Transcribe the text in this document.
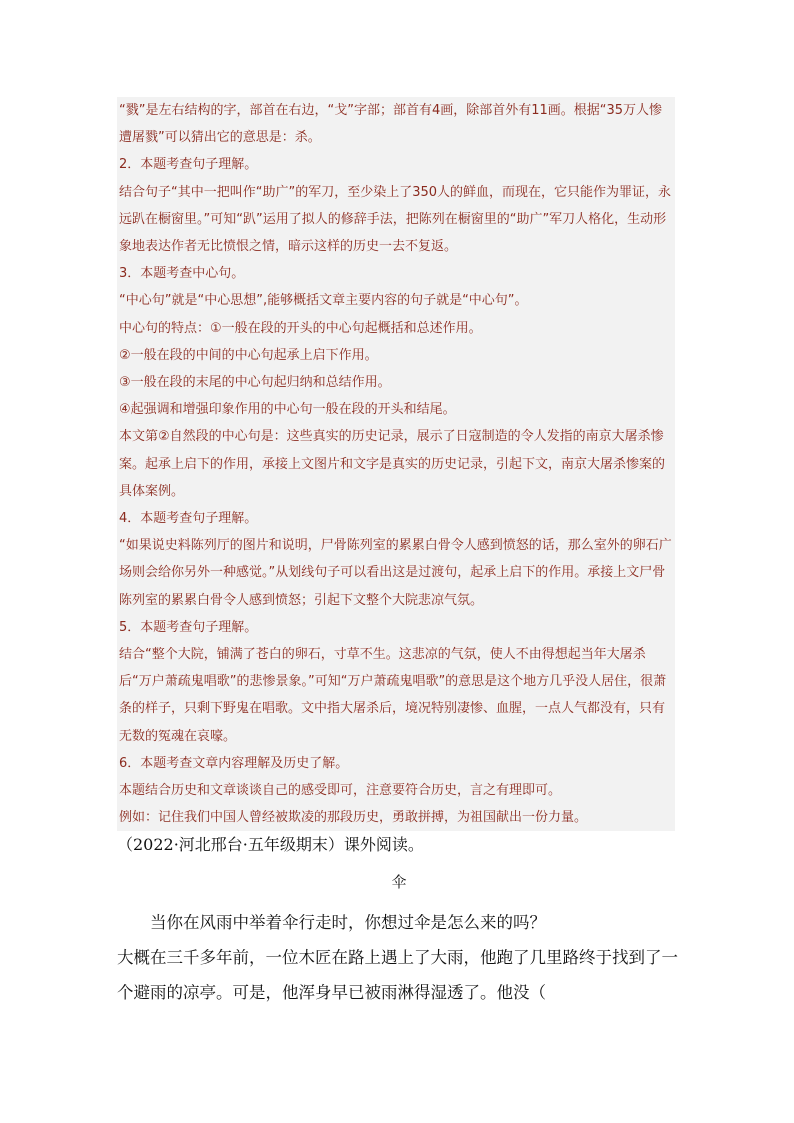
“戮”是左右结构的字，部首在右边，“戈”字部；部首有4画，除部首外有11画。根据“35万人惨遭屠戮”可以猜出它的意思是：杀。

2．本题考查句子理解。

结合句子“其中一把叫作“助广”的军刀，至少染上了350人的鲜血，而现在，它只能作为罪证，永远趴在橱窗里。”可知“趴”运用了拟人的修辞手法，把陈列在橱窗里的“助广”军刀人格化，生动形象地表达作者无比愤恨之情，暗示这样的历史一去不复返。

3．本题考查中心句。

“中心句”就是“中心思想”,能够概括文章主要内容的句子就是“中心句”。

中心句的特点：①一般在段的开头的中心句起概括和总述作用。

②一般在段的中间的中心句起承上启下作用。

③一般在段的末尾的中心句起归纳和总结作用。

④起强调和增强印象作用的中心句一般在段的开头和结尾。

本文第②自然段的中心句是：这些真实的历史记录，展示了日寇制造的令人发指的南京大屠杀惨案。起承上启下的作用，承接上文图片和文字是真实的历史记录，引起下文，南京大屠杀惨案的具体案例。

4．本题考查句子理解。

“如果说史料陈列厅的图片和说明，尸骨陈列室的累累白骨令人感到愤怒的话，那么室外的卵石广场则会给你另外一种感觉。”从划线句子可以看出这是过渡句，起承上启下的作用。承接上文尸骨陈列室的累累白骨令人感到愤怒；引起下文整个大院悲凉气氛。

5．本题考查句子理解。

结合“整个大院，铺满了苍白的卵石，寸草不生。这悲凉的气氛，使人不由得想起当年大屠杀后“万户萧疏鬼唱歌”的悲惨景象。”可知“万户萧疏鬼唱歌”的意思是这个地方几乎没人居住，很萧条的样子，只剩下野鬼在唱歌。文中指大屠杀后，境况特别凄惨、血腥，一点人气都没有，只有无数的冤魂在哀嚎。

6．本题考查文章内容理解及历史了解。

本题结合历史和文章谈谈自己的感受即可，注意要符合历史，言之有理即可。

例如：记住我们中国人曾经被欺凌的那段历史，勇敢拼搏，为祖国献出一份力量。

（2022·河北邢台·五年级期末）课外阅读。
伞

当你在风雨中举着伞行走时，你想过伞是怎么来的吗？

大概在三千多年前，一位木匠在路上遇上了大雨，他跑了几里路终于找到了一个避雨的凉亭。可是，他浑身早已被雨淋得湿透了。他没（
